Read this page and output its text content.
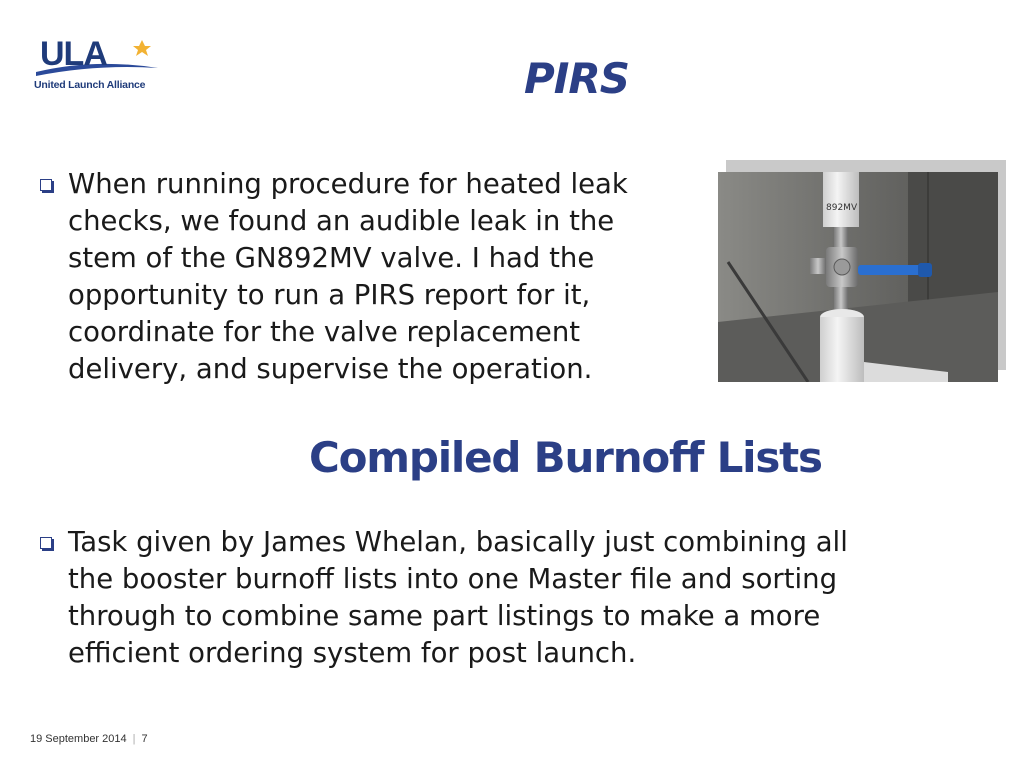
ULA
United Launch Alliance	PIRS
When running procedure for heated leak
checks, we found an audible leak in the
stem of the GN892MV valve. I had the
opportunity to run a PIRS report for it,
coordinate for the valve replacement
delivery, and supervise the operation.
892MV
Compiled Burnoff Lists
Task given by James Whelan, basically just combining all
the booster burnoff lists into one Master file and sorting
through to combine same part listings to make a more
efficient ordering system for post launch.
19 September 2014 | 7
